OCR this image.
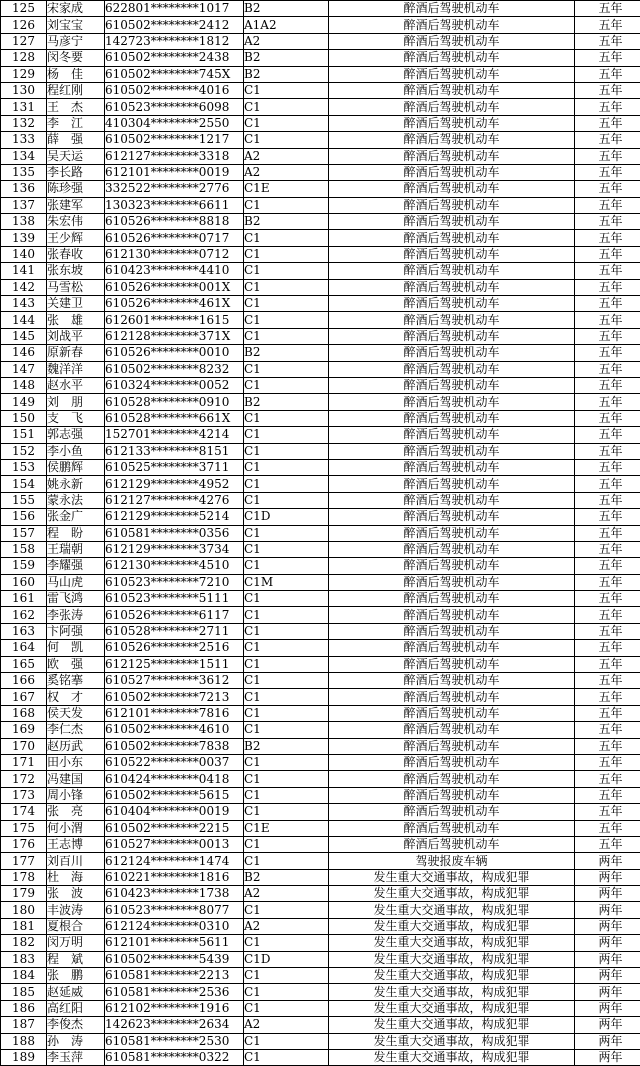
125	宋家成	622801********1017	B2	醉酒后驾驶机动车	五年
126	刘宝宝	610502********2412	A1A2	醉酒后驾驶机动车	五年
127	马彦宁	142723********1812	A2	醉酒后驾驶机动车	五年
128	闵冬要	610502********2438	B2	醉酒后驾驶机动车	五年
129	杨　佳	610502********745X	B2	醉酒后驾驶机动车	五年
130	程红刚	610502********4016	C1	醉酒后驾驶机动车	五年
131	王　杰	610523********6098	C1	醉酒后驾驶机动车	五年
132	李　江	410304********2550	C1	醉酒后驾驶机动车	五年
133	薛　强	610502********1217	C1	醉酒后驾驶机动车	五年
134	吴天运	612127********3318	A2	醉酒后驾驶机动车	五年
135	李长路	612101********0019	A2	醉酒后驾驶机动车	五年
136	陈珍强	332522********2776	C1E	醉酒后驾驶机动车	五年
137	张建军	130323********6611	C1	醉酒后驾驶机动车	五年
138	朱宏伟	610526********8818	B2	醉酒后驾驶机动车	五年
139	王少辉	610526********0717	C1	醉酒后驾驶机动车	五年
140	张春收	612130********0712	C1	醉酒后驾驶机动车	五年
141	张东坡	610423********4410	C1	醉酒后驾驶机动车	五年
142	马雪松	610526********001X	C1	醉酒后驾驶机动车	五年
143	关建卫	610526********461X	C1	醉酒后驾驶机动车	五年
144	张　雄	612601********1615	C1	醉酒后驾驶机动车	五年
145	刘战平	612128********371X	C1	醉酒后驾驶机动车	五年
146	原新春	610526********0010	B2	醉酒后驾驶机动车	五年
147	魏洋洋	610502********8232	C1	醉酒后驾驶机动车	五年
148	赵水平	610324********0052	C1	醉酒后驾驶机动车	五年
149	刘　朋	610528********0910	B2	醉酒后驾驶机动车	五年
150	支　飞	610528********661X	C1	醉酒后驾驶机动车	五年
151	郭志强	152701********4214	C1	醉酒后驾驶机动车	五年
152	李小鱼	612133********8151	C1	醉酒后驾驶机动车	五年
153	侯鹏辉	610525********3711	C1	醉酒后驾驶机动车	五年
154	姚永新	612129********4952	C1	醉酒后驾驶机动车	五年
155	蒙永法	612127********4276	C1	醉酒后驾驶机动车	五年
156	张金广	612129********5214	C1D	醉酒后驾驶机动车	五年
157	程　盼	610581********0356	C1	醉酒后驾驶机动车	五年
158	王瑞朝	612129********3734	C1	醉酒后驾驶机动车	五年
159	李耀强	612130********4510	C1	醉酒后驾驶机动车	五年
160	马山虎	610523********7210	C1M	醉酒后驾驶机动车	五年
161	雷飞鸿	610523********5111	C1	醉酒后驾驶机动车	五年
162	李张涛	610526********6117	C1	醉酒后驾驶机动车	五年
163	卞阿强	610528********2711	C1	醉酒后驾驶机动车	五年
164	何　凯	610526********2516	C1	醉酒后驾驶机动车	五年
165	欧　强	612125********1511	C1	醉酒后驾驶机动车	五年
166	奚铭搴	610527********3612	C1	醉酒后驾驶机动车	五年
167	权　才	610502********7213	C1	醉酒后驾驶机动车	五年
168	侯天发	612101********7816	C1	醉酒后驾驶机动车	五年
169	李仁杰	610502********4610	C1	醉酒后驾驶机动车	五年
170	赵历武	610502********7838	B2	醉酒后驾驶机动车	五年
171	田小东	610522********0037	C1	醉酒后驾驶机动车	五年
172	冯建国	610424********0418	C1	醉酒后驾驶机动车	五年
173	周小锋	610502********5615	C1	醉酒后驾驶机动车	五年
174	张　亮	610404********0019	C1	醉酒后驾驶机动车	五年
175	何小渭	610502********2215	C1E	醉酒后驾驶机动车	五年
176	王志博	610527********0013	C1	醉酒后驾驶机动车	五年
177	刘百川	612124********1474	C1	驾驶报废车辆	两年
178	杜　海	610221********1816	B2	发生重大交通事故，构成犯罪	两年
179	张　波	610423********1738	A2	发生重大交通事故，构成犯罪	两年
180	丰波涛	610523********8077	C1	发生重大交通事故，构成犯罪	两年
181	夏根合	612124********0310	A2	发生重大交通事故，构成犯罪	两年
182	闵万明	612101********5611	C1	发生重大交通事故，构成犯罪	两年
183	程　斌	610502********5439	C1D	发生重大交通事故，构成犯罪	两年
184	张　鹏	610581********2213	C1	发生重大交通事故，构成犯罪	两年
185	赵延威	610581********2536	C1	发生重大交通事故，构成犯罪	两年
186	高红阳	612102********1916	C1	发生重大交通事故，构成犯罪	两年
187	李俊杰	142623********2634	A2	发生重大交通事故，构成犯罪	两年
188	孙　涛	610581********2530	C1	发生重大交通事故，构成犯罪	两年
189	李玉萍	610581********0322	C1	发生重大交通事故，构成犯罪	两年
